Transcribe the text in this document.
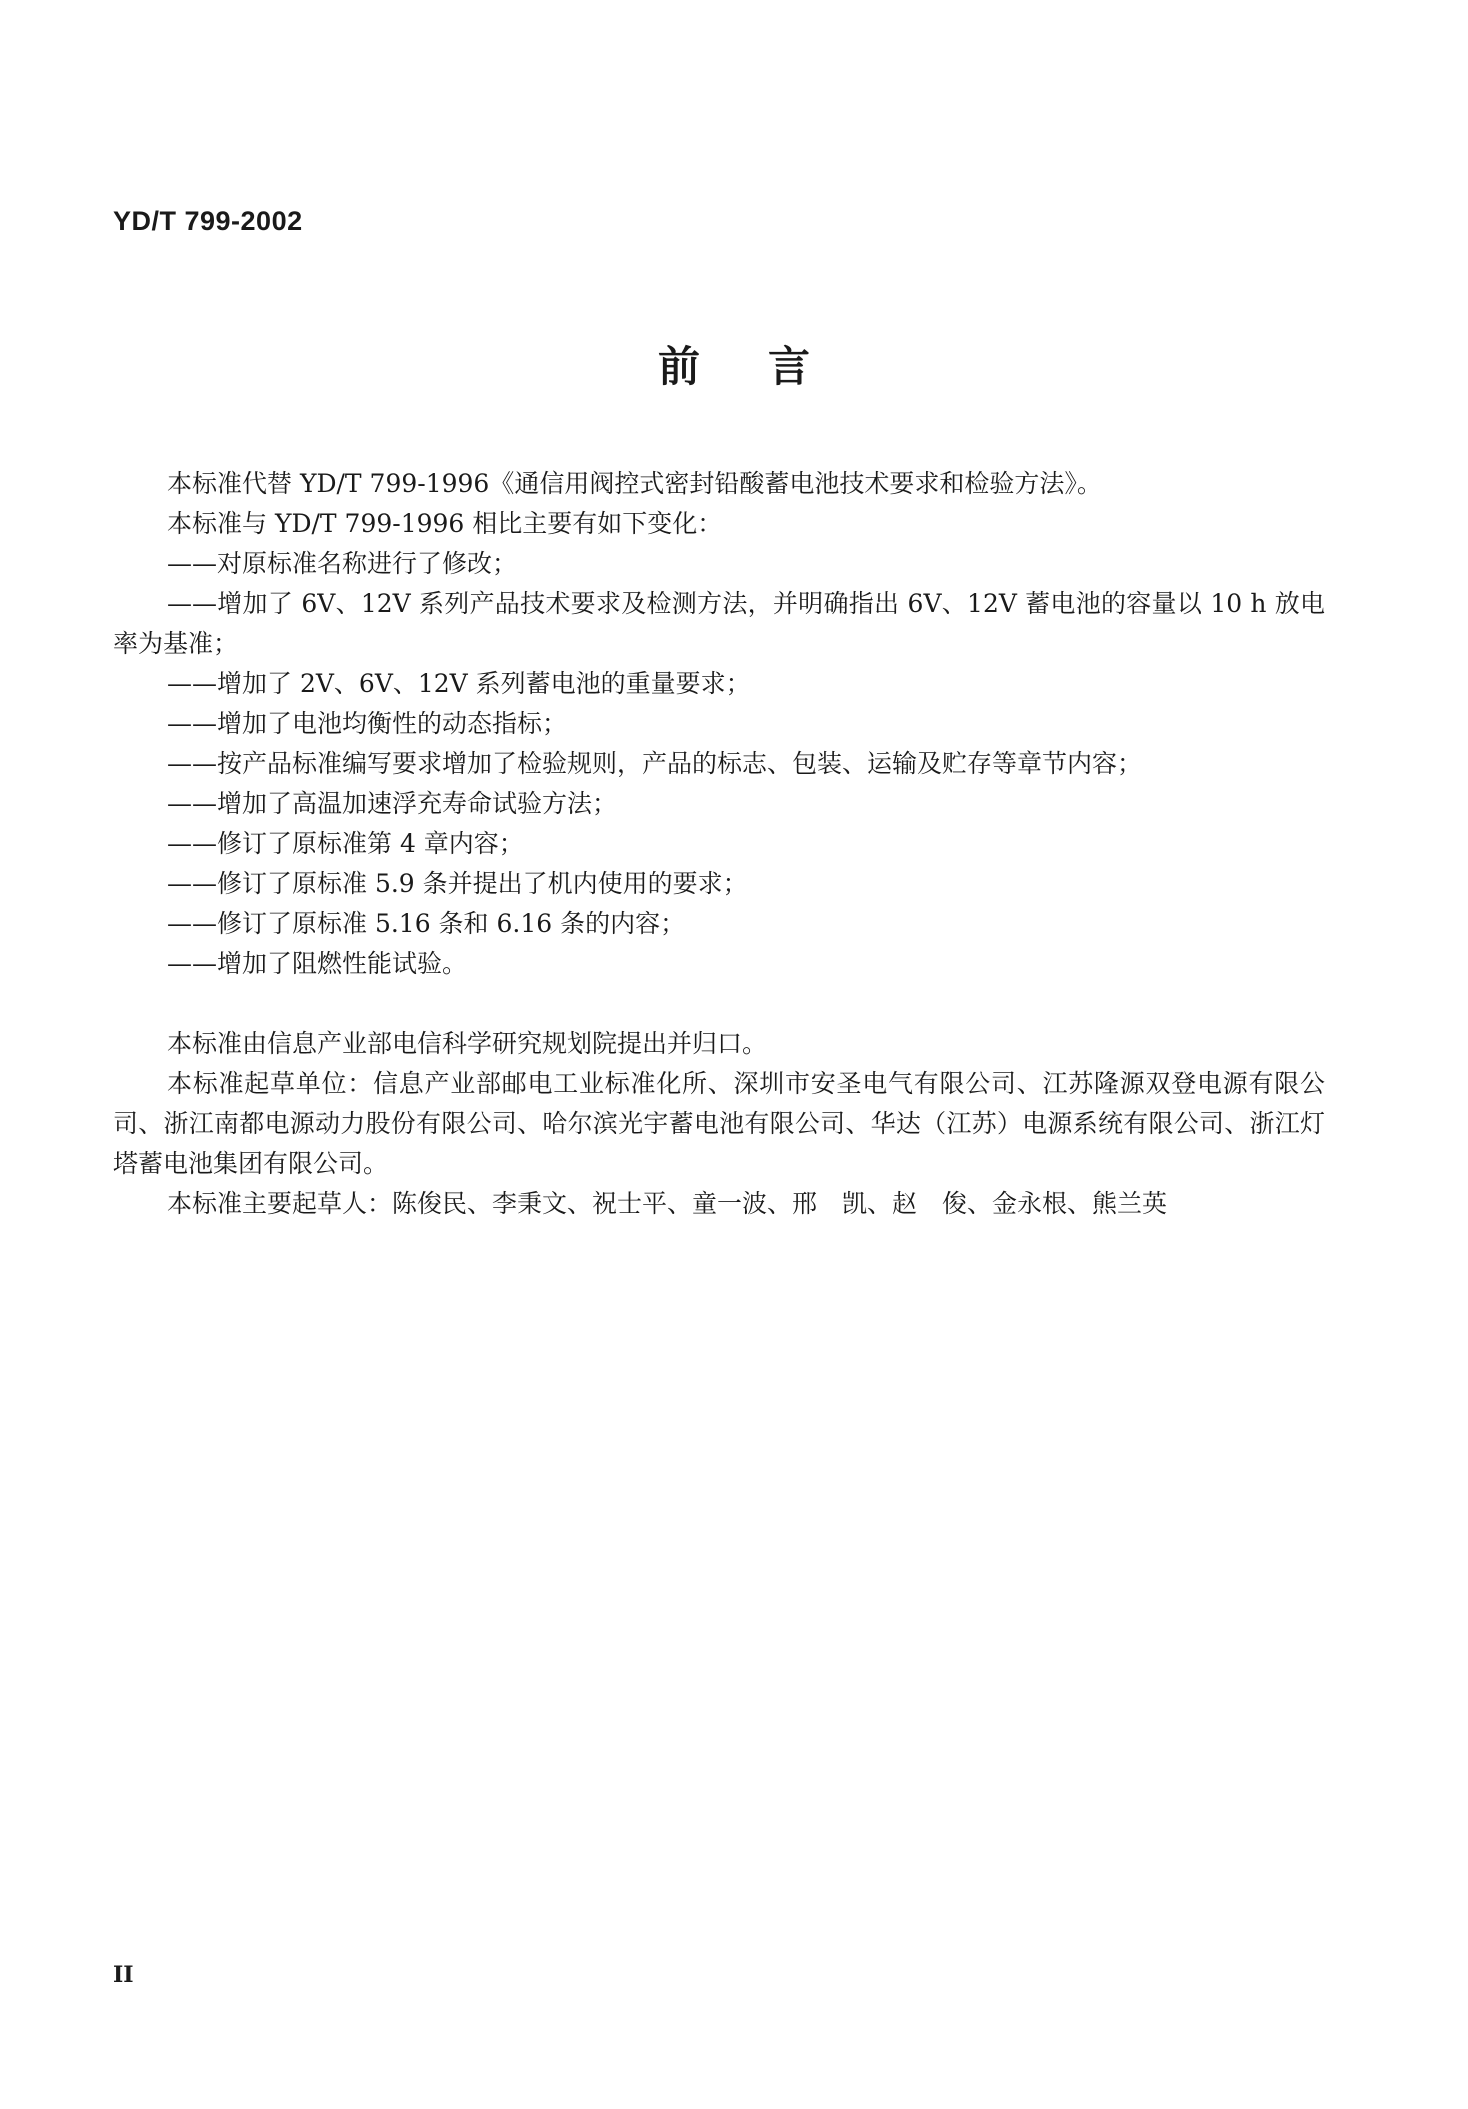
YD/T 799-2002
前言

本标准代替 YD/T 799-1996《通信用阀控式密封铅酸蓄电池技术要求和检验方法》。

本标准与 YD/T 799-1996 相比主要有如下变化：

——对原标准名称进行了修改；

——增加了 6V、12V 系列产品技术要求及检测方法，并明确指出 6V、12V 蓄电池的容量以 10 h 放电率为基准；

——增加了 2V、6V、12V 系列蓄电池的重量要求；

——增加了电池均衡性的动态指标；

——按产品标准编写要求增加了检验规则，产品的标志、包装、运输及贮存等章节内容；

——增加了高温加速浮充寿命试验方法；

——修订了原标准第 4 章内容；

——修订了原标准 5.9 条并提出了机内使用的要求；

——修订了原标准 5.16 条和 6.16 条的内容；

——增加了阻燃性能试验。

本标准由信息产业部电信科学研究规划院提出并归口。

本标准起草单位：信息产业部邮电工业标准化所、深圳市安圣电气有限公司、江苏隆源双登电源有限公司、浙江南都电源动力股份有限公司、哈尔滨光宇蓄电池有限公司、华达（江苏）电源系统有限公司、浙江灯塔蓄电池集团有限公司。

本标准主要起草人：陈俊民、李秉文、祝士平、童一波、邢　凯、赵　俊、金永根、熊兰英

II
